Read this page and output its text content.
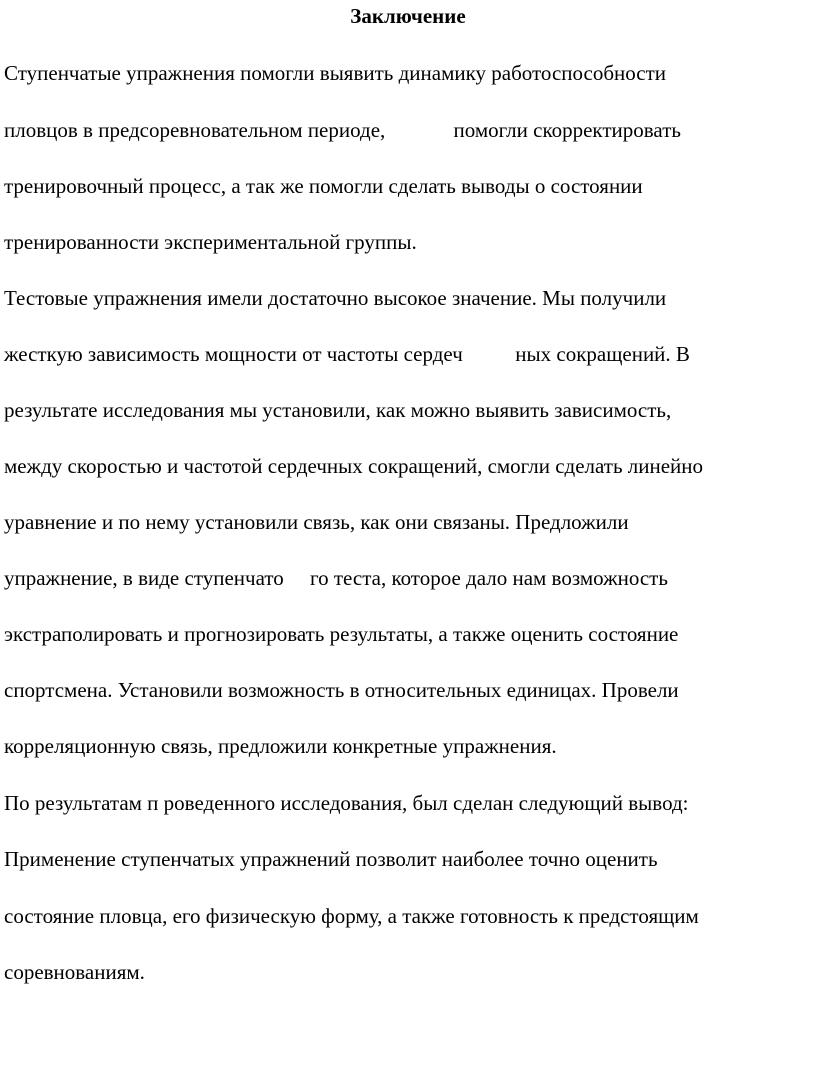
Заключение
Ступенчатые упражнения помогли выявить динамику работоспособности
пловцов в предсоревновательном периоде,             помогли скорректировать
тренировочный процесс, а так же помогли сделать выводы о состоянии
тренированности экспериментальной группы.
Тестовые упражнения имели достаточно высокое значение. Мы получили
жесткую зависимость мощности от частоты сердеч          ных сокращений. В
результате исследования мы установили, как можно выявить зависимость,
между скоростью и частотой сердечных сокращений, смогли сделать линейно
уравнение и по нему установили связь, как они связаны. Предложили
упражнение, в виде ступенчато     го теста, которое дало нам возможность
экстраполировать и прогнозировать результаты, а также оценить состояние
спортсмена. Установили возможность в относительных единицах. Провели
корреляционную связь, предложили конкретные упражнения.
По результатам п роведенного исследования, был сделан следующий вывод:
Применение ступенчатых упражнений позволит наиболее точно оценить
состояние пловца, его физическую форму, а также готовность к предстоящим
соревнованиям.
